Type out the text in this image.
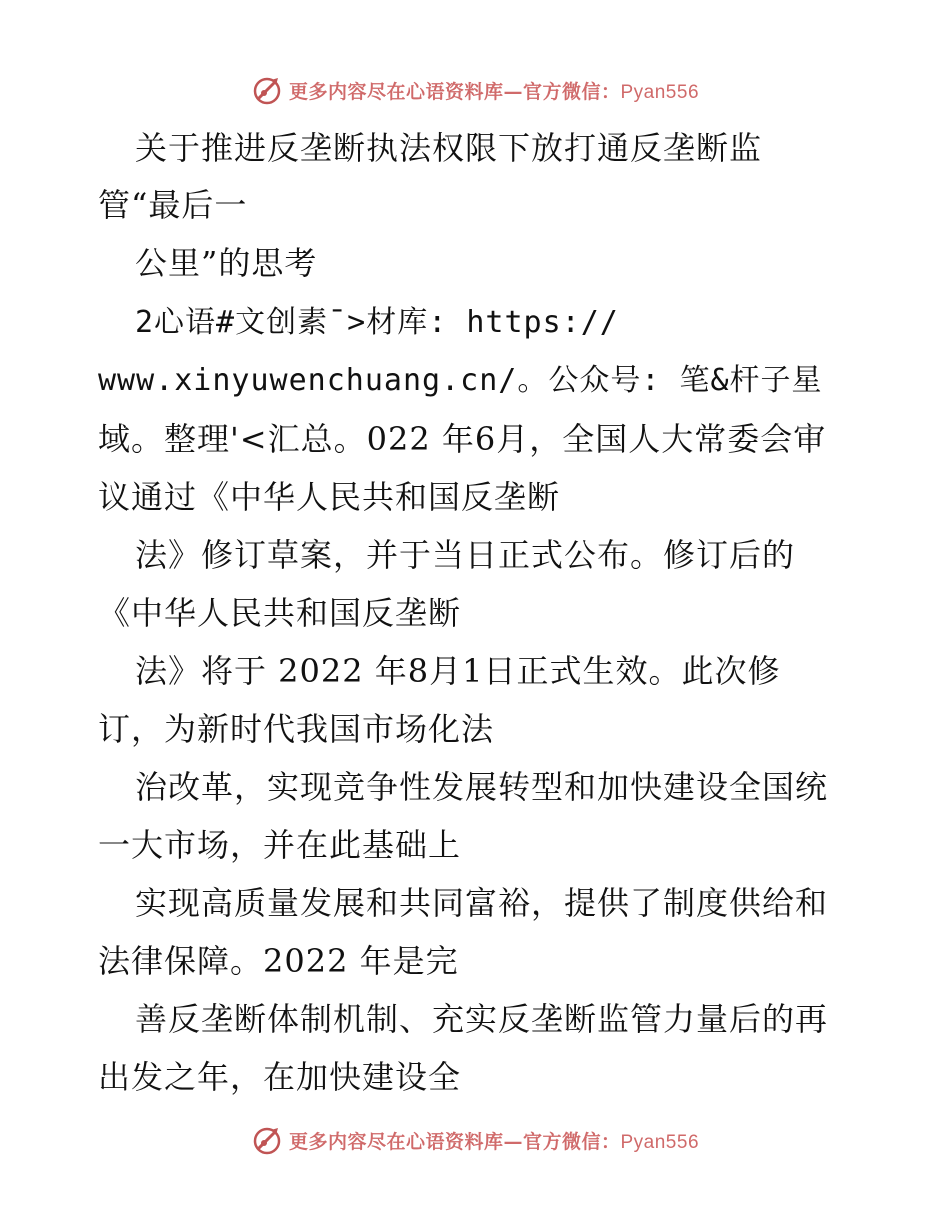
更多内容尽在心语资料库—官方微信：Pyan556
关于推进反垄断执法权限下放打通反垄断监
管“最后一
公里”的思考
2心语#文创素¯>材库: https://
www.xinyuwenchuang.cn/。公众号: 笔&杆子星
域。整理'<汇总。022 年6月，全国人大常委会审
议通过《中华人民共和国反垄断
法》修订草案，并于当日正式公布。修订后的
《中华人民共和国反垄断
法》将于 2022 年8月1日正式生效。此次修
订，为新时代我国市场化法
治改革，实现竞争性发展转型和加快建设全国统
一大市场，并在此基础上
实现高质量发展和共同富裕，提供了制度供给和
法律保障。2022 年是完
善反垄断体制机制、充实反垄断监管力量后的再
出发之年，在加快建设全
更多内容尽在心语资料库—官方微信：Pyan556
